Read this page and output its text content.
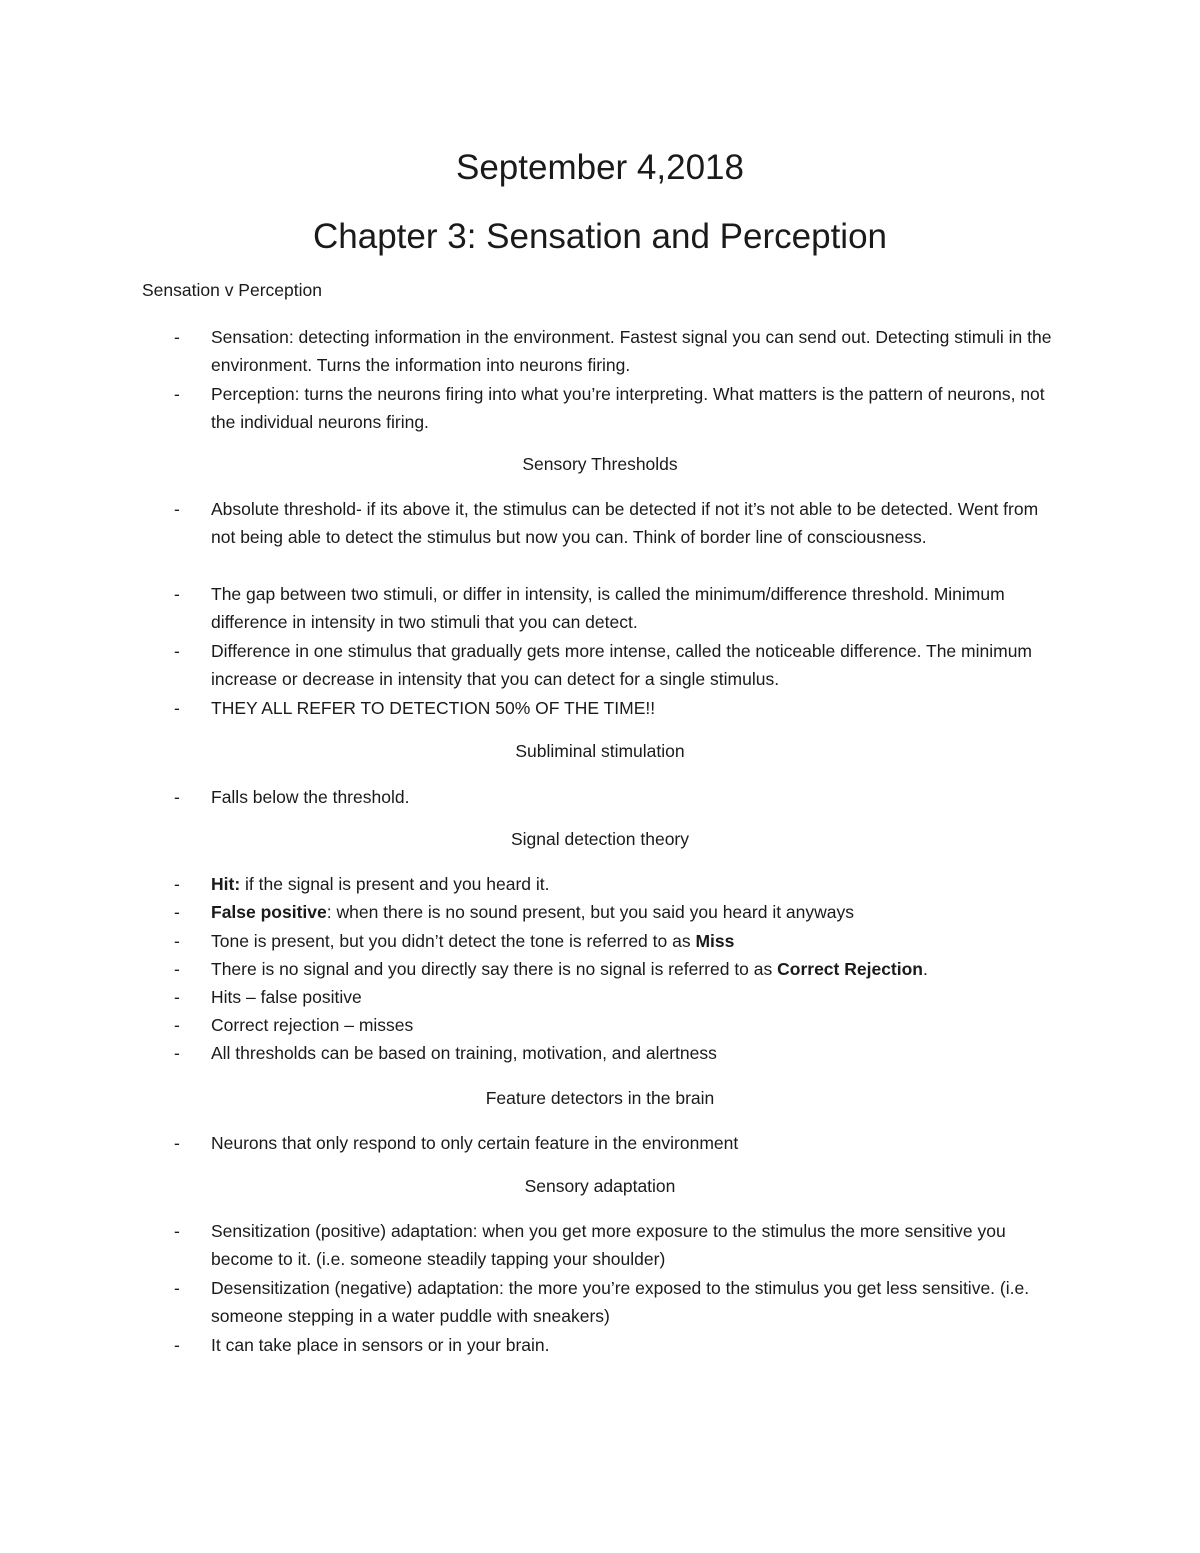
September 4,2018
Chapter 3: Sensation and Perception
Sensation v Perception
- Sensation: detecting information in the environment. Fastest signal you can send out. Detecting stimuli in the environment. Turns the information into neurons firing.
- Perception: turns the neurons firing into what you’re interpreting. What matters is the pattern of neurons, not the individual neurons firing.
Sensory Thresholds
- Absolute threshold- if its above it, the stimulus can be detected if not it’s not able to be detected. Went from not being able to detect the stimulus but now you can. Think of border line of consciousness.
- The gap between two stimuli, or differ in intensity, is called the minimum/difference threshold. Minimum difference in intensity in two stimuli that you can detect.
- Difference in one stimulus that gradually gets more intense, called the noticeable difference. The minimum increase or decrease in intensity that you can detect for a single stimulus.
- THEY ALL REFER TO DETECTION 50% OF THE TIME!!
Subliminal stimulation
- Falls below the threshold.
Signal detection theory
- Hit: if the signal is present and you heard it.
- False positive: when there is no sound present, but you said you heard it anyways
- Tone is present, but you didn’t detect the tone is referred to as Miss
- There is no signal and you directly say there is no signal is referred to as Correct Rejection.
- Hits – false positive
- Correct rejection – misses
- All thresholds can be based on training, motivation, and alertness
Feature detectors in the brain
- Neurons that only respond to only certain feature in the environment
Sensory adaptation
- Sensitization (positive) adaptation: when you get more exposure to the stimulus the more sensitive you become to it. (i.e. someone steadily tapping your shoulder)
- Desensitization (negative) adaptation: the more you’re exposed to the stimulus you get less sensitive. (i.e. someone stepping in a water puddle with sneakers)
- It can take place in sensors or in your brain.
